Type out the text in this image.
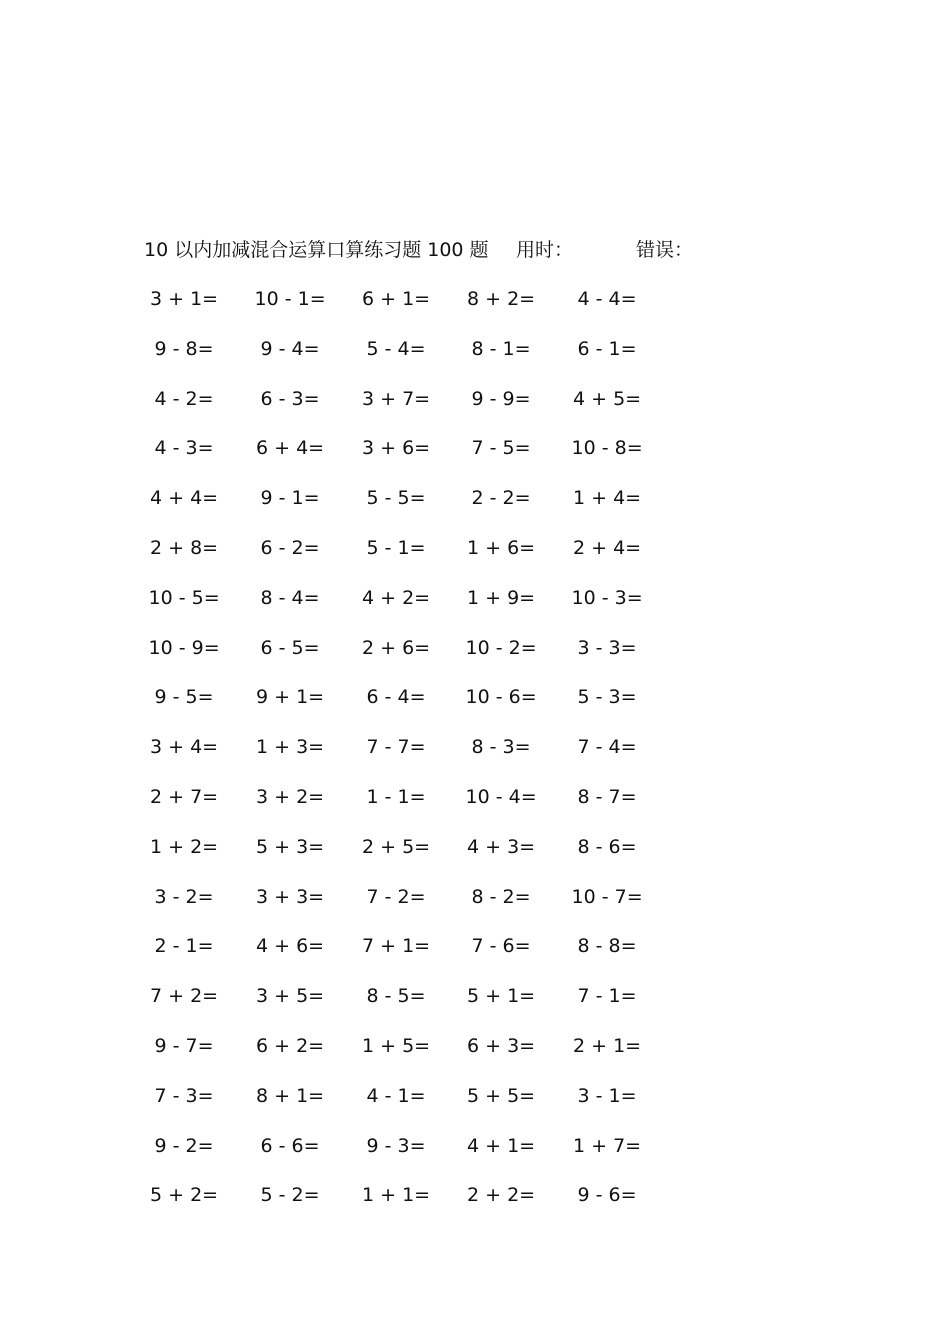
10 以内加减混合运算口算练习题 100 题 用时：	错误：
3 + 1= 10 - 1= 6 + 1= 8 + 2= 4 - 4=
9 - 8= 9 - 4= 5 - 4= 8 - 1= 6 - 1=
4 - 2= 6 - 3= 3 + 7= 9 - 9= 4 + 5=
4 - 3= 6 + 4= 3 + 6= 7 - 5= 10 - 8=
4 + 4= 9 - 1= 5 - 5= 2 - 2= 1 + 4=
2 + 8= 6 - 2= 5 - 1= 1 + 6= 2 + 4=
10 - 5= 8 - 4= 4 + 2= 1 + 9= 10 - 3=
10 - 9= 6 - 5= 2 + 6= 10 - 2= 3 - 3=
9 - 5= 9 + 1= 6 - 4= 10 - 6= 5 - 3=
3 + 4= 1 + 3= 7 - 7= 8 - 3= 7 - 4=
2 + 7= 3 + 2= 1 - 1= 10 - 4= 8 - 7=
1 + 2= 5 + 3= 2 + 5= 4 + 3= 8 - 6=
3 - 2= 3 + 3= 7 - 2= 8 - 2= 10 - 7=
2 - 1= 4 + 6= 7 + 1= 7 - 6= 8 - 8=
7 + 2= 3 + 5= 8 - 5= 5 + 1= 7 - 1=
9 - 7= 6 + 2= 1 + 5= 6 + 3= 2 + 1=
7 - 3= 8 + 1= 4 - 1= 5 + 5= 3 - 1=
9 - 2= 6 - 6= 9 - 3= 4 + 1= 1 + 7=
5 + 2= 5 - 2= 1 + 1= 2 + 2= 9 - 6=
